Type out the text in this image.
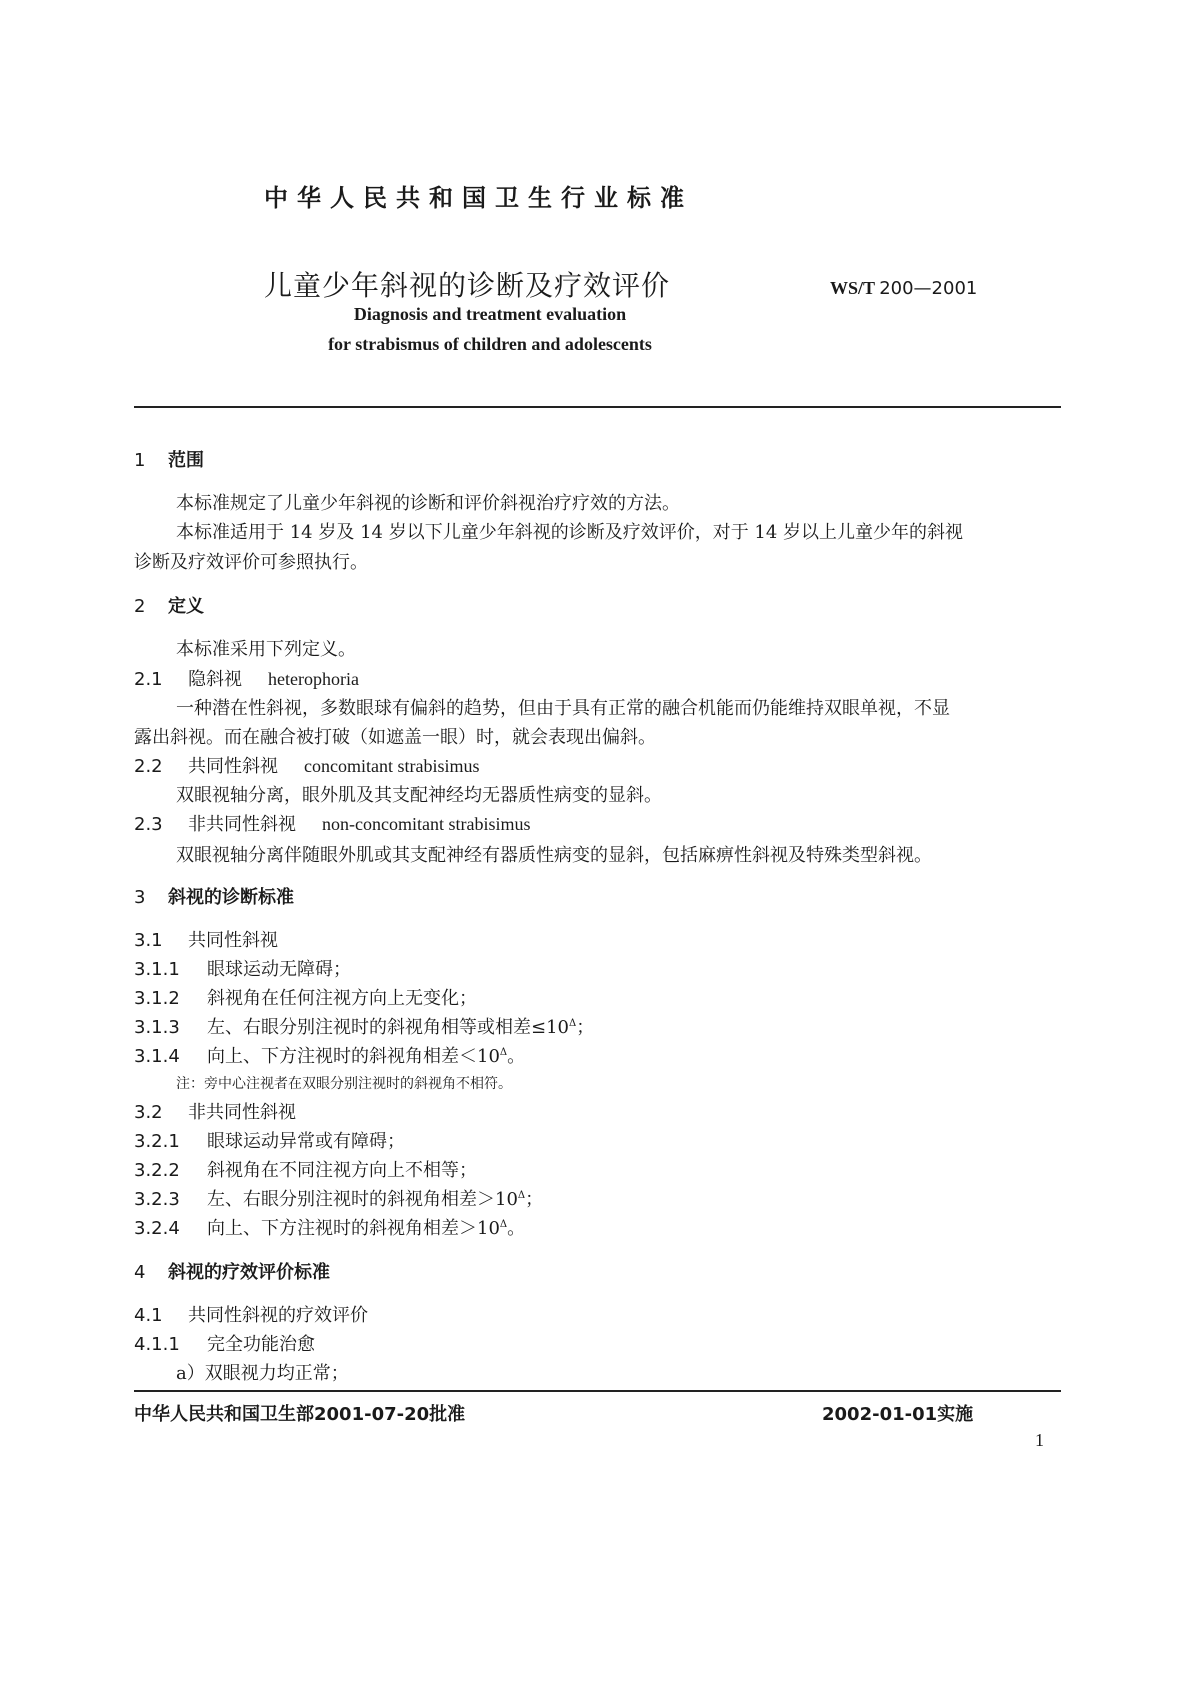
中华人民共和国卫生行业标准
儿童少年斜视的诊断及疗效评价	WS/T 200—2001
Diagnosis and treatment evaluation
for strabismus of children and adolescents
1 范围
本标准规定了儿童少年斜视的诊断和评价斜视治疗疗效的方法。
本标准适用于 14 岁及 14 岁以下儿童少年斜视的诊断及疗效评价，对于 14 岁以上儿童少年的斜视
诊断及疗效评价可参照执行。
2 定义
本标准采用下列定义。
2.1 隐斜视 heterophoria
一种潜在性斜视，多数眼球有偏斜的趋势，但由于具有正常的融合机能而仍能维持双眼单视，不显
露出斜视。而在融合被打破（如遮盖一眼）时，就会表现出偏斜。
2.2 共同性斜视 concomitant strabisimus
双眼视轴分离，眼外肌及其支配神经均无器质性病变的显斜。
2.3 非共同性斜视 non-concomitant strabisimus
双眼视轴分离伴随眼外肌或其支配神经有器质性病变的显斜，包括麻痹性斜视及特殊类型斜视。
3 斜视的诊断标准
3.1 共同性斜视
3.1.1 眼球运动无障碍；
3.1.2 斜视角在任何注视方向上无变化；
3.1.3 左、右眼分别注视时的斜视角相等或相差$\le 10^\Delta$；
3.1.4 向上、下方注视时的斜视角相差$<10^\Delta$。
注：旁中心注视者在双眼分别注视时的斜视角不相符。
3.2 非共同性斜视
3.2.1 眼球运动异常或有障碍；
3.2.2 斜视角在不同注视方向上不相等；
3.2.3 左、右眼分别注视时的斜视角相差$>10^\Delta$；
3.2.4 向上、下方注视时的斜视角相差$>10^\Delta$。
4 斜视的疗效评价标准
4.1 共同性斜视的疗效评价
4.1.1 完全功能治愈
a）双眼视力均正常；
中华人民共和国卫生部2001-07-20批准	2002-01-01实施
1
